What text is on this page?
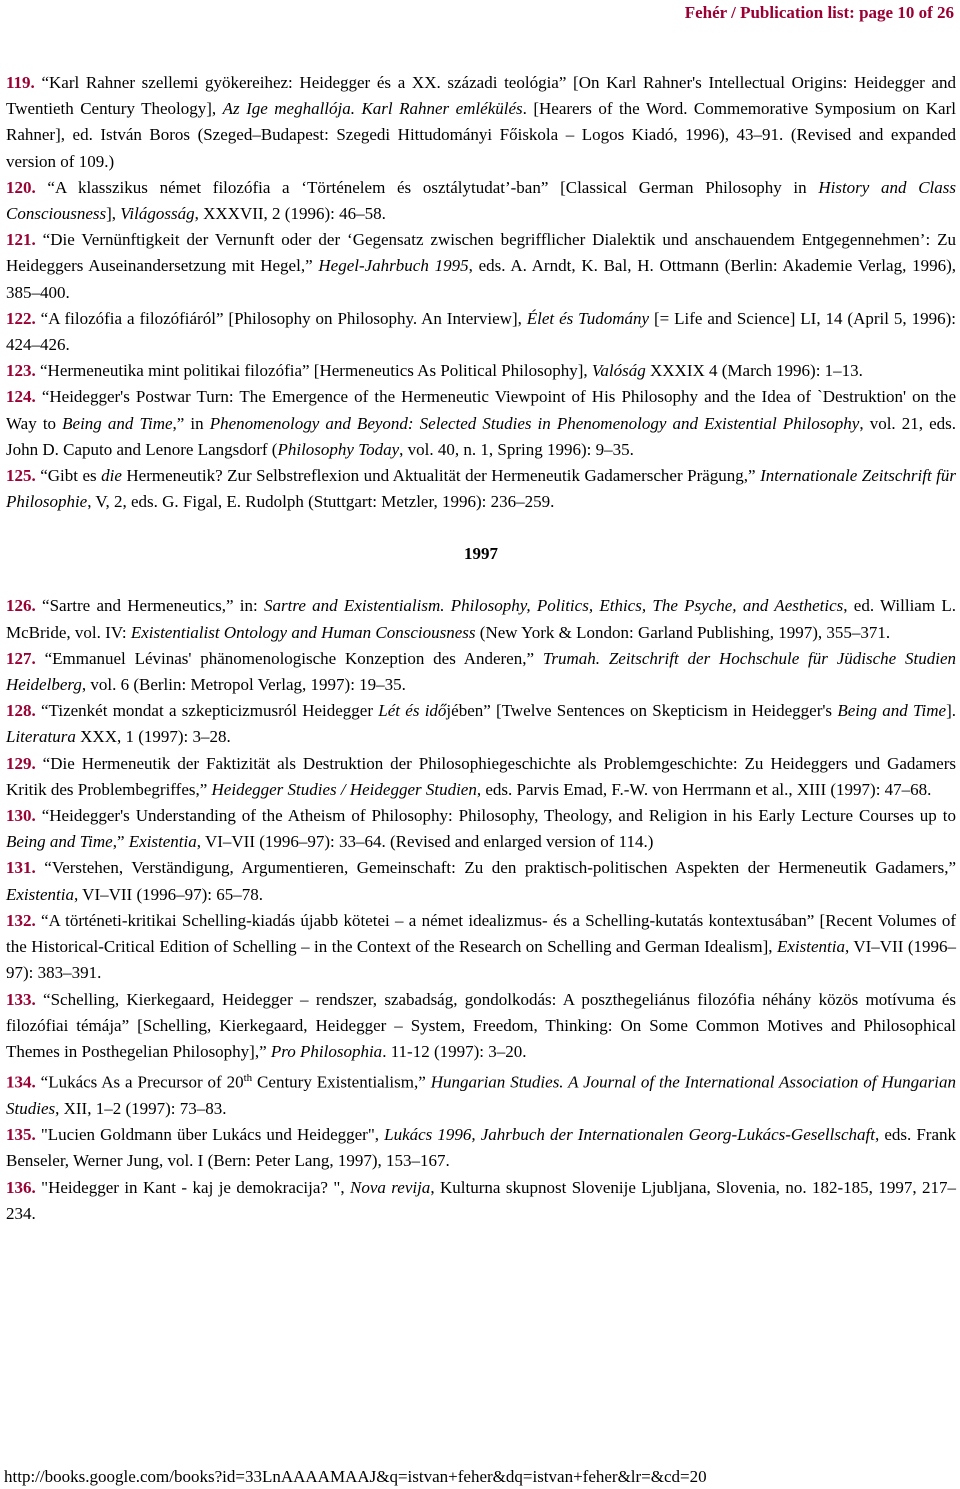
Fehér / Publication list: page 10 of 26

119. “Karl Rahner szellemi gyökereihez: Heidegger és a XX. századi teológia” [On Karl Rahner's Intellectual Origins: Heidegger and Twentieth Century Theology], Az Ige meghallója. Karl Rahner emlékülés. [Hearers of the Word. Commemorative Symposium on Karl Rahner], ed. István Boros (Szeged–Budapest: Szegedi Hittudományi Főiskola – Logos Kiadó, 1996), 43–91. (Revised and expanded version of 109.)

120. “A klasszikus német filozófia a ‘Történelem és osztálytudat’-ban” [Classical German Philosophy in History and Class Consciousness], Világosság, XXXVII, 2 (1996): 46–58.

121. “Die Vernünftigkeit der Vernunft oder der ‘Gegensatz zwischen begrifflicher Dialektik und anschauendem Entgegennehmen’: Zu Heideggers Auseinandersetzung mit Hegel,” Hegel-Jahrbuch 1995, eds. A. Arndt, K. Bal, H. Ottmann (Berlin: Akademie Verlag, 1996), 385–400.

122. “A filozófia a filozófiáról” [Philosophy on Philosophy. An Interview], Élet és Tudomány [= Life and Science] LI, 14 (April 5, 1996): 424–426.

123. “Hermeneutika mint politikai filozófia” [Hermeneutics As Political Philosophy], Valóság XXXIX 4 (March 1996): 1–13.

124. “Heidegger's Postwar Turn: The Emergence of the Hermeneutic Viewpoint of His Philosophy and the Idea of `Destruktion' on the Way to Being and Time,” in Phenomenology and Beyond: Selected Studies in Phenomenology and Existential Philosophy, vol. 21, eds. John D. Caputo and Lenore Langsdorf (Philosophy Today, vol. 40, n. 1, Spring 1996): 9–35.

125. “Gibt es die Hermeneutik? Zur Selbstreflexion und Aktualität der Hermeneutik Gadamerscher Prägung,” Internationale Zeitschrift für Philosophie, V, 2, eds. G. Figal, E. Rudolph (Stuttgart: Metzler, 1996): 236–259.

1997

126. “Sartre and Hermeneutics,” in: Sartre and Existentialism. Philosophy, Politics, Ethics, The Psyche, and Aesthetics, ed. William L. McBride, vol. IV: Existentialist Ontology and Human Consciousness (New York & London: Garland Publishing, 1997), 355–371.

127. “Emmanuel Lévinas' phänomenologische Konzeption des Anderen,” Trumah. Zeitschrift der Hochschule für Jüdische Studien Heidelberg, vol. 6 (Berlin: Metropol Verlag, 1997): 19–35.

128. “Tizenkét mondat a szkepticizmusról Heidegger Lét és időjében” [Twelve Sentences on Skepticism in Heidegger's Being and Time]. Literatura XXX, 1 (1997): 3–28.

129. “Die Hermeneutik der Faktizität als Destruktion der Philosophiegeschichte als Problemgeschichte: Zu Heideggers und Gadamers Kritik des Problembegriffes,” Heidegger Studies / Heidegger Studien, eds. Parvis Emad, F.-W. von Herrmann et al., XIII (1997): 47–68.

130. “Heidegger's Understanding of the Atheism of Philosophy: Philosophy, Theology, and Religion in his Early Lecture Courses up to Being and Time,” Existentia, VI–VII (1996–97): 33–64. (Revised and enlarged version of 114.)

131. “Verstehen, Verständigung, Argumentieren, Gemeinschaft: Zu den praktisch-politischen Aspekten der Hermeneutik Gadamers,” Existentia, VI–VII (1996–97): 65–78.

132. “A történeti-kritikai Schelling-kiadás újabb kötetei – a német idealizmus- és a Schelling-kutatás kontextusában” [Recent Volumes of the Historical-Critical Edition of Schelling – in the Context of the Research on Schelling and German Idealism], Existentia, VI–VII (1996–97): 383–391.

133. “Schelling, Kierkegaard, Heidegger – rendszer, szabadság, gondolkodás: A poszthegeliánus filozófia néhány közös motívuma és filozófiai témája” [Schelling, Kierkegaard, Heidegger – System, Freedom, Thinking: On Some Common Motives and Philosophical Themes in Posthegelian Philosophy],” Pro Philosophia. 11-12 (1997): 3–20.

134. “Lukács As a Precursor of 20th Century Existentialism,” Hungarian Studies. A Journal of the International Association of Hungarian Studies, XII, 1–2 (1997): 73–83.

135. "Lucien Goldmann über Lukács und Heidegger", Lukács 1996, Jahrbuch der Internationalen Georg-Lukács-Gesellschaft, eds. Frank Benseler, Werner Jung, vol. I (Bern: Peter Lang, 1997), 153–167.

136. "Heidegger in Kant - kaj je demokracija? ", Nova revija, Kulturna skupnost Slovenije Ljubljana, Slovenia, no. 182-185, 1997, 217–234.

http://books.google.com/books?id=33LnAAAAMAAJ&q=istvan+feher&dq=istvan+feher&lr=&cd=20
